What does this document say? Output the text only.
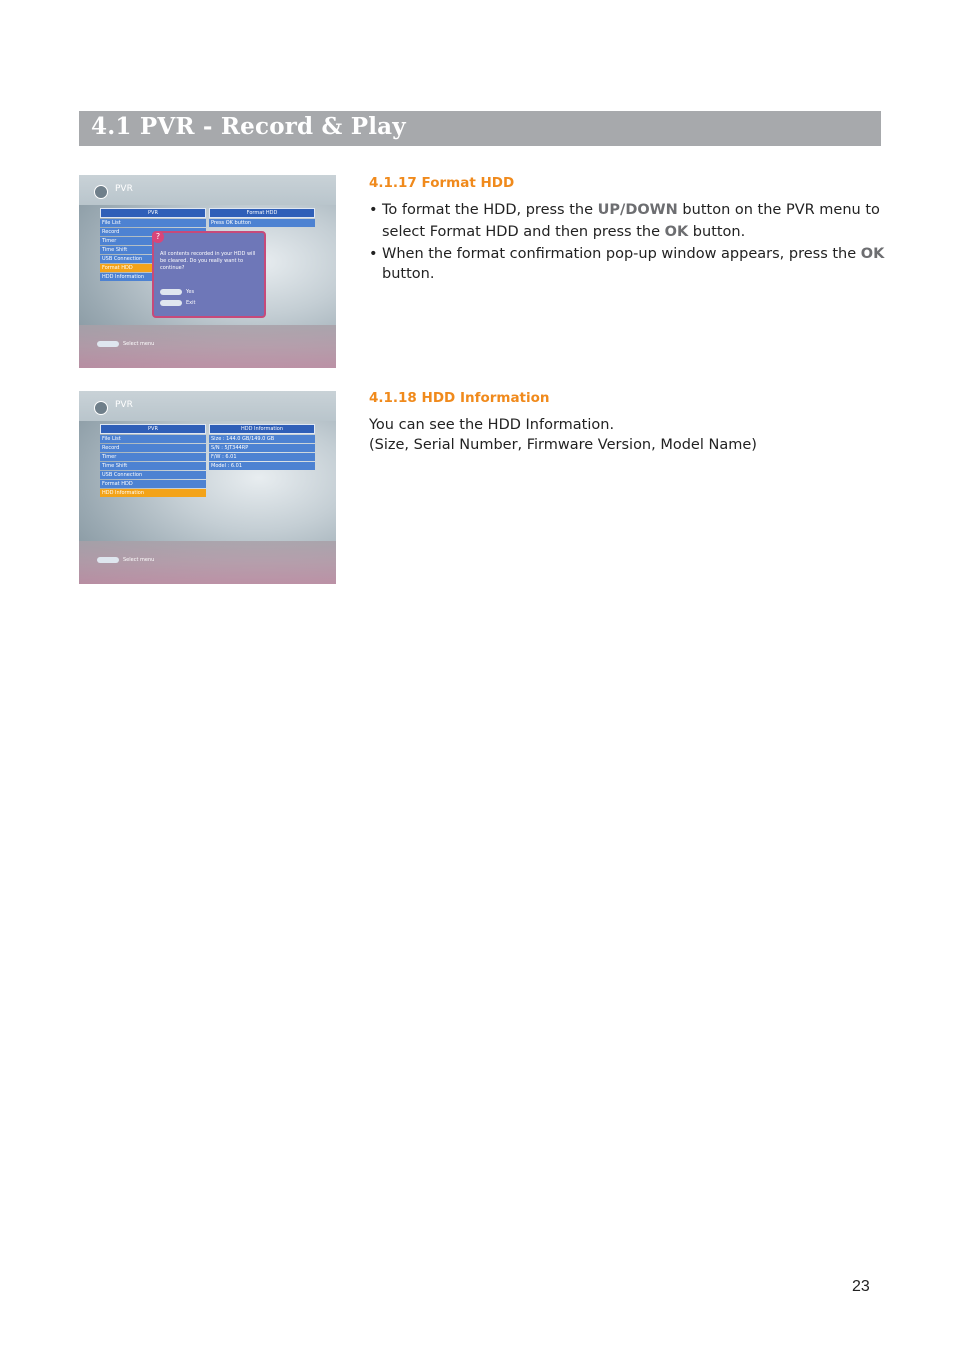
4.1 PVR - Record & Play
PVR
PVR
File List
Record
Timer
Time Shift
USB Connection
Format HDD
HDD Information
Format HDD
Press OK button
?
All contents recorded in your HDD will be cleared. Do you really want to continue?
Yes
Exit
Select menu
4.1.17 Format HDD
• To format the HDD, press the UP/DOWN button on the PVR menu to select Format HDD and then press the OK button.
• When the format confirmation pop-up window appears, press the OK button.
PVR
PVR
File List
Record
Timer
Time Shift
USB Connection
Format HDD
HDD Information
HDD Information
Size : 144.0 GB/149.0 GB
S/N : 5JT344RP
F/W : 6.01
Model : 6.01
Select menu
4.1.18 HDD Information

You can see the HDD Information.
(Size, Serial Number, Firmware Version, Model Name)

23
